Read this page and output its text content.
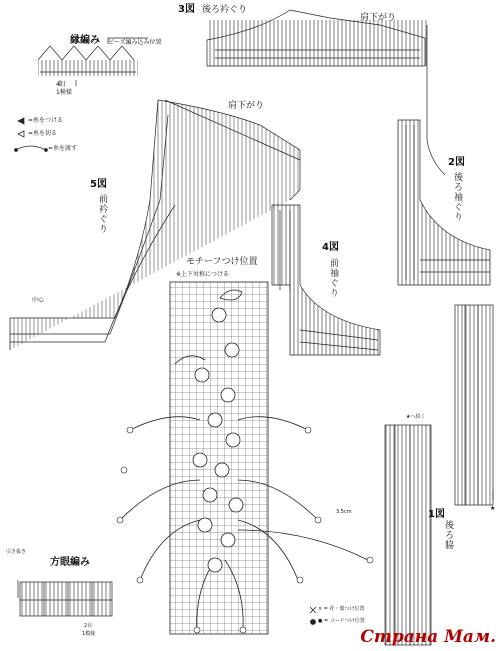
縁編み ビーズ編み込み位置
4目
1模様
=糸をつける
=糸を切る
=糸を渡す
3図 後ろ衿ぐり
肩下がり
5図
前衿ぐり
肩下がり
中心
2図
後ろ袖ぐり
4図
前袖ぐり
1図
後ろ脇
★へ続く
★
モチーフつけ位置
※上下対称につける
3.5cm
方眼編み
引き抜き
2目
1模様
× = 花・葉つけ位置
● = コードつけ位置
Страна Мам.
